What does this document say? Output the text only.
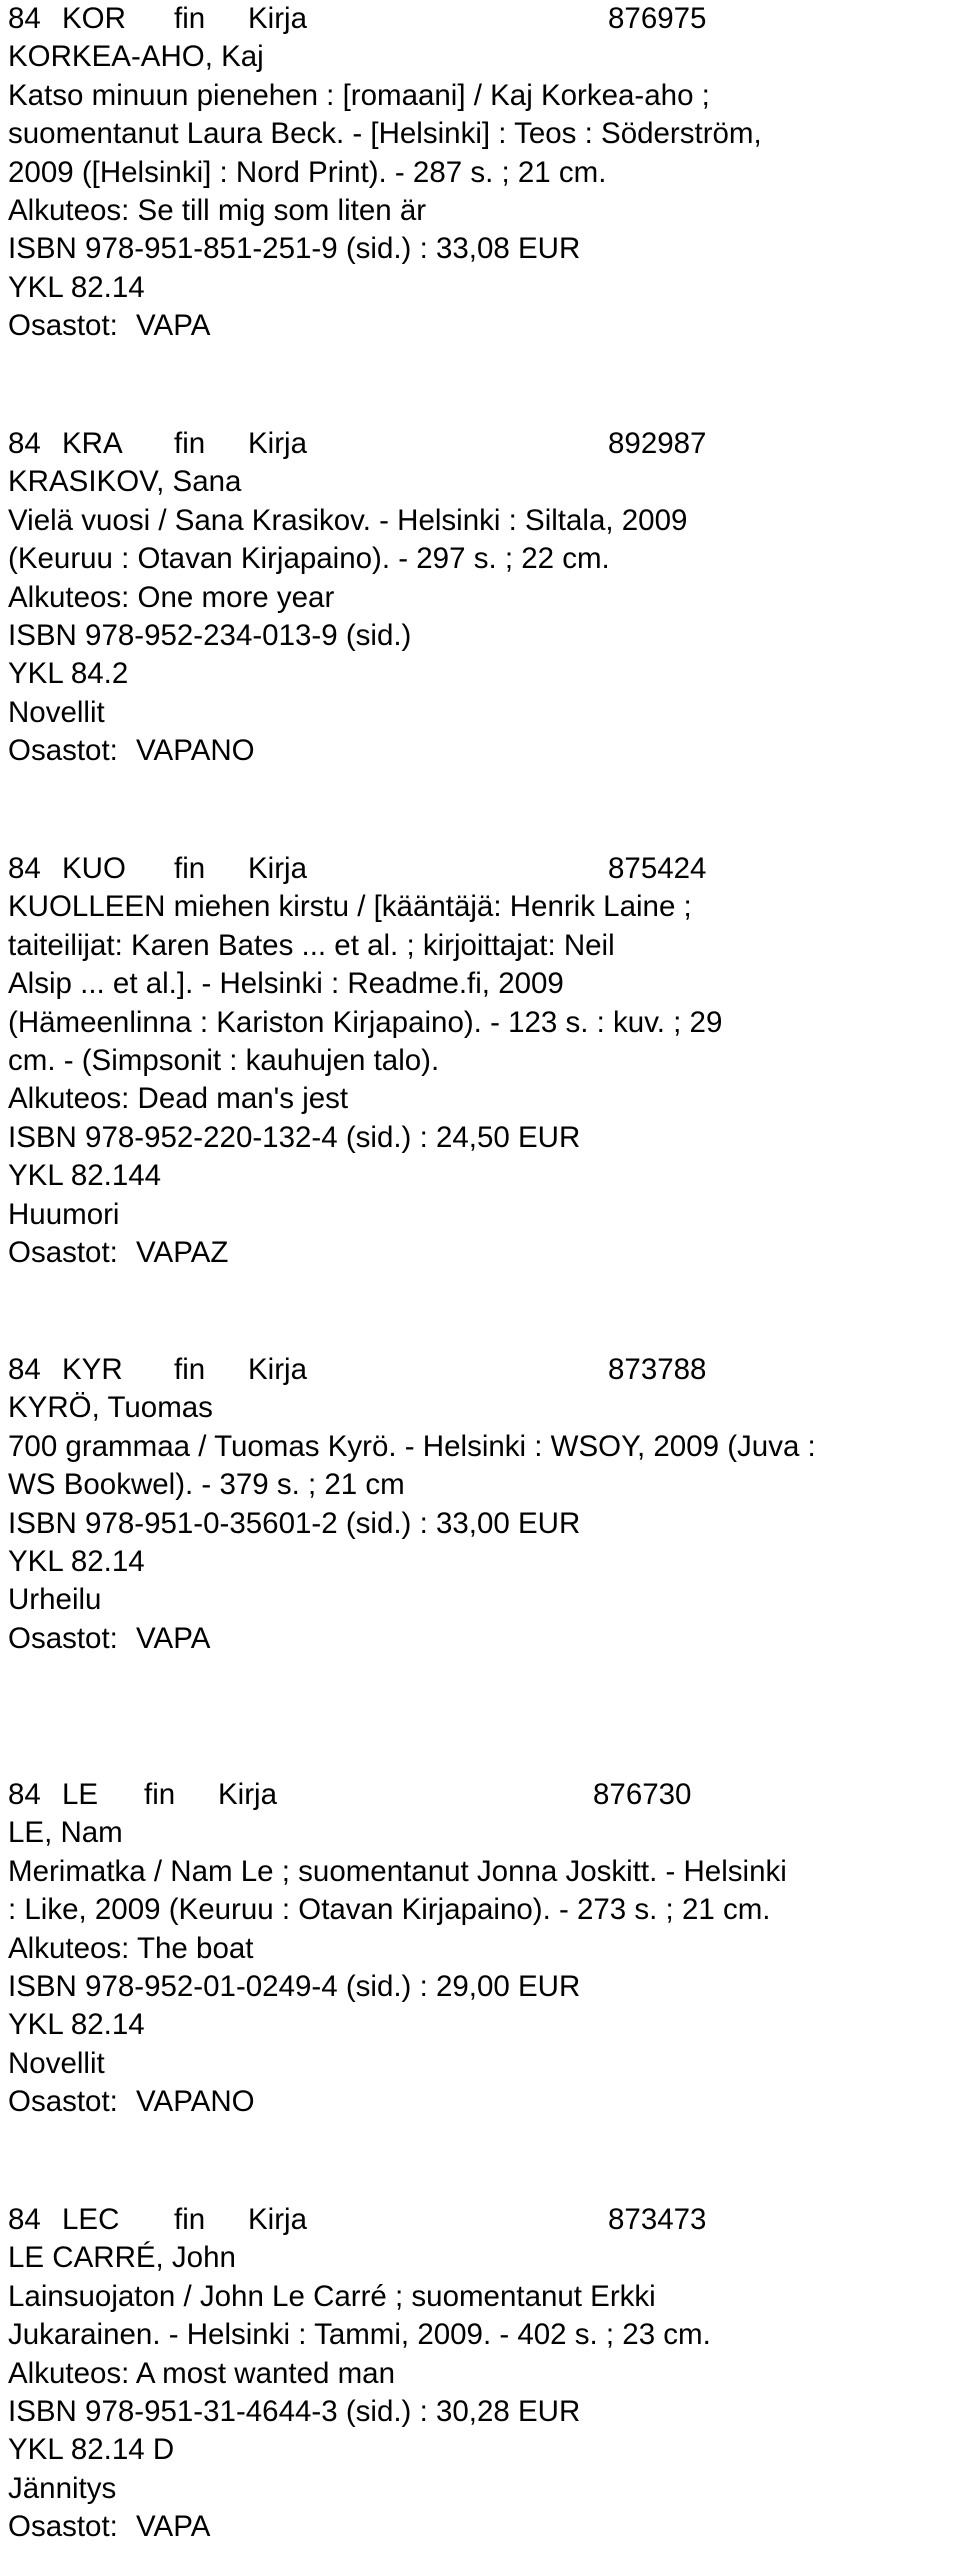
84 KOR fin Kirja	876975
KORKEA-AHO, Kaj
Katso minuun pienehen : [romaani] / Kaj Korkea-aho ;
suomentanut Laura Beck. - [Helsinki] : Teos : Söderström,
2009 ([Helsinki] : Nord Print). - 287 s. ; 21 cm.
Alkuteos: Se till mig som liten är
ISBN 978-951-851-251-9 (sid.) : 33,08 EUR
YKL 82.14
Osastot: VAPA
84 KRA fin Kirja	892987
KRASIKOV, Sana
Vielä vuosi / Sana Krasikov. - Helsinki : Siltala, 2009
(Keuruu : Otavan Kirjapaino). - 297 s. ; 22 cm.
Alkuteos: One more year
ISBN 978-952-234-013-9 (sid.)
YKL 84.2
Novellit
Osastot: VAPANO
84 KUO fin Kirja	875424
KUOLLEEN miehen kirstu / [kääntäjä: Henrik Laine ;
taiteilijat: Karen Bates ... et al. ; kirjoittajat: Neil
Alsip ... et al.]. - Helsinki : Readme.fi, 2009
(Hämeenlinna : Kariston Kirjapaino). - 123 s. : kuv. ; 29
cm. - (Simpsonit : kauhujen talo).
Alkuteos: Dead man's jest
ISBN 978-952-220-132-4 (sid.) : 24,50 EUR
YKL 82.144
Huumori
Osastot: VAPAZ
84 KYR fin Kirja	873788
KYRÖ, Tuomas
700 grammaa / Tuomas Kyrö. - Helsinki : WSOY, 2009 (Juva :
WS Bookwel). - 379 s. ; 21 cm
ISBN 978-951-0-35601-2 (sid.) : 33,00 EUR
YKL 82.14
Urheilu
Osastot: VAPA
84 LE fin Kirja	876730
LE, Nam
Merimatka / Nam Le ; suomentanut Jonna Joskitt. - Helsinki
: Like, 2009 (Keuruu : Otavan Kirjapaino). - 273 s. ; 21 cm.
Alkuteos: The boat
ISBN 978-952-01-0249-4 (sid.) : 29,00 EUR
YKL 82.14
Novellit
Osastot: VAPANO
84 LEC fin Kirja	873473
LE CARRÉ, John
Lainsuojaton / John Le Carré ; suomentanut Erkki
Jukarainen. - Helsinki : Tammi, 2009. - 402 s. ; 23 cm.
Alkuteos: A most wanted man
ISBN 978-951-31-4644-3 (sid.) : 30,28 EUR
YKL 82.14 D
Jännitys
Osastot: VAPA
